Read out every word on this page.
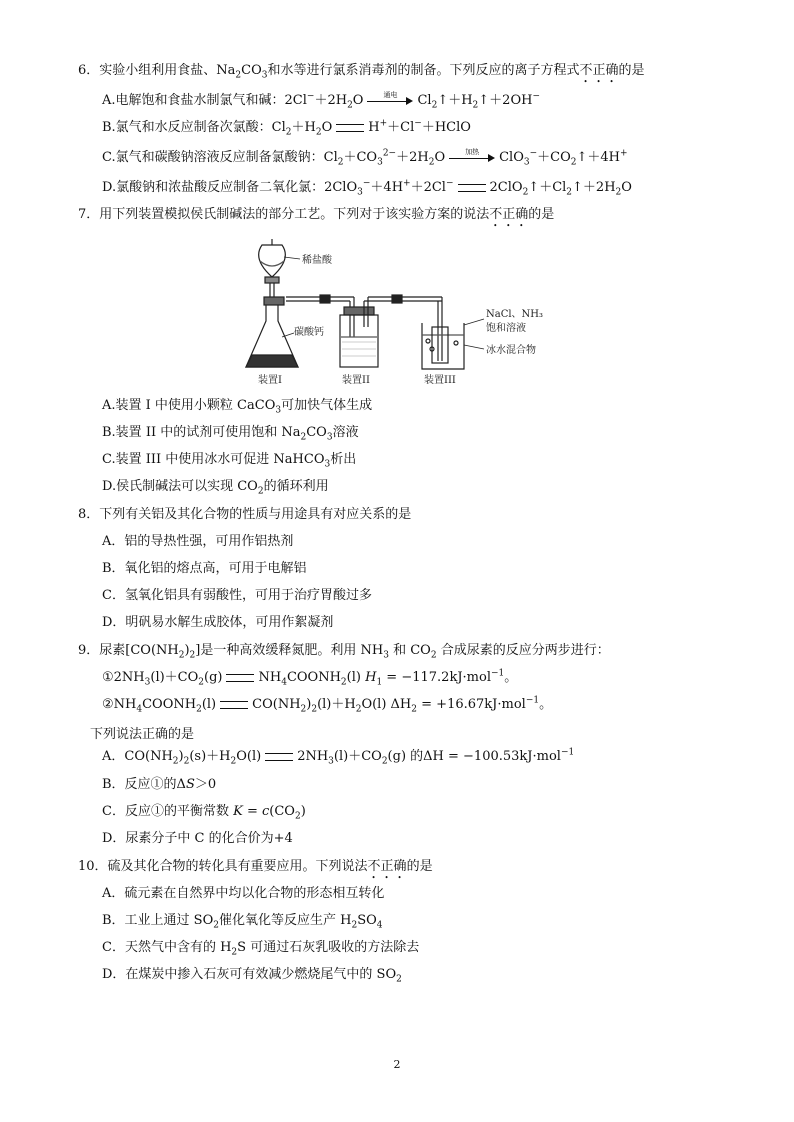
6．实验小组利用食盐、$Na_2CO_3$和水等进行氯系消毒剂的制备。下列反应的离子方程式不正确的是
A.电解饱和食盐水制氯气和碱：$2Cl^-+2H_2O$	通电	$Cl_2↑+H_2↑+2OH^-$
B.氯气和水反应制备次氯酸：$Cl_2+H_2O$	H+＋Cl−＋HClO
C.氯气和碳酸钠溶液反应制备氯酸钠：$Cl_2+CO_3^{2-}+2H_2O$	加热	$ClO_3^-+CO_2↑+4H^+$
D.氯酸钠和浓盐酸反应制备二氧化氯：2ClO$_3$−＋4H+＋2Cl−	$2ClO_2↑+Cl_2↑+2H_2O$
7．用下列装置模拟侯氏制碱法的部分工艺。下列对于该实验方案的说法不正确的是
稀盐酸
碳酸钙
NaCl、NH₃
饱和溶液
冰水混合物
装置I	装置II	装置III
A.装置 I 中使用小颗粒 CaCO$_3$可加快气体生成
B.装置 II 中的试剂可使用饱和 $Na_2CO_3$溶液
C.装置 III 中使用冰水可促进 NaHCO$_3$析出
D.侯氏制碱法可以实现 $CO_2$的循环利用
8．下列有关铝及其化合物的性质与用途具有对应关系的是
A．铝的导热性强，可用作铝热剂
B．氧化铝的熔点高，可用于电解铝
C．氢氧化铝具有弱酸性，可用于治疗胃酸过多
D．明矾易水解生成胶体，可用作絮凝剂
9．尿素$[CO(NH_2)_2]$是一种高效缓释氮肥。利用 $NH_3$ 和 $CO_2$ 合成尿素的反应分两步进行：
$①2NH_3(l)+CO_2(g)$	$NH_4COONH_2(l) H_1 = -117.2kJ\cdot mol^{-1}$。
$②NH_4COONH_2(l)$	$CO(NH_2)_2(l)+H_2O(l) \Delta H_2 = +16.67kJ\cdot mol^{-1}$。
下列说法正确的是
A．$CO(NH_2)_2(s)+H_2O(l)$	$2NH_3(l)+CO_2(g)$ 的ΔH = −100.53kJ·mol$^{-1}$
B．反应①的ΔS＞0
C．反应①的平衡常数 $K = c(CO_2)$
D．尿素分子中 C 的化合价为+4
10．硫及其化合物的转化具有重要应用。下列说法不正确的是
A．硫元素在自然界中均以化合物的形态相互转化
B．工业上通过 $SO_2$催化氧化等反应生产 $H_2SO_4$
C．天然气中含有的 $H_2S$ 可通过石灰乳吸收的方法除去
D．在煤炭中掺入石灰可有效减少燃烧尾气中的 $SO_2$
2
